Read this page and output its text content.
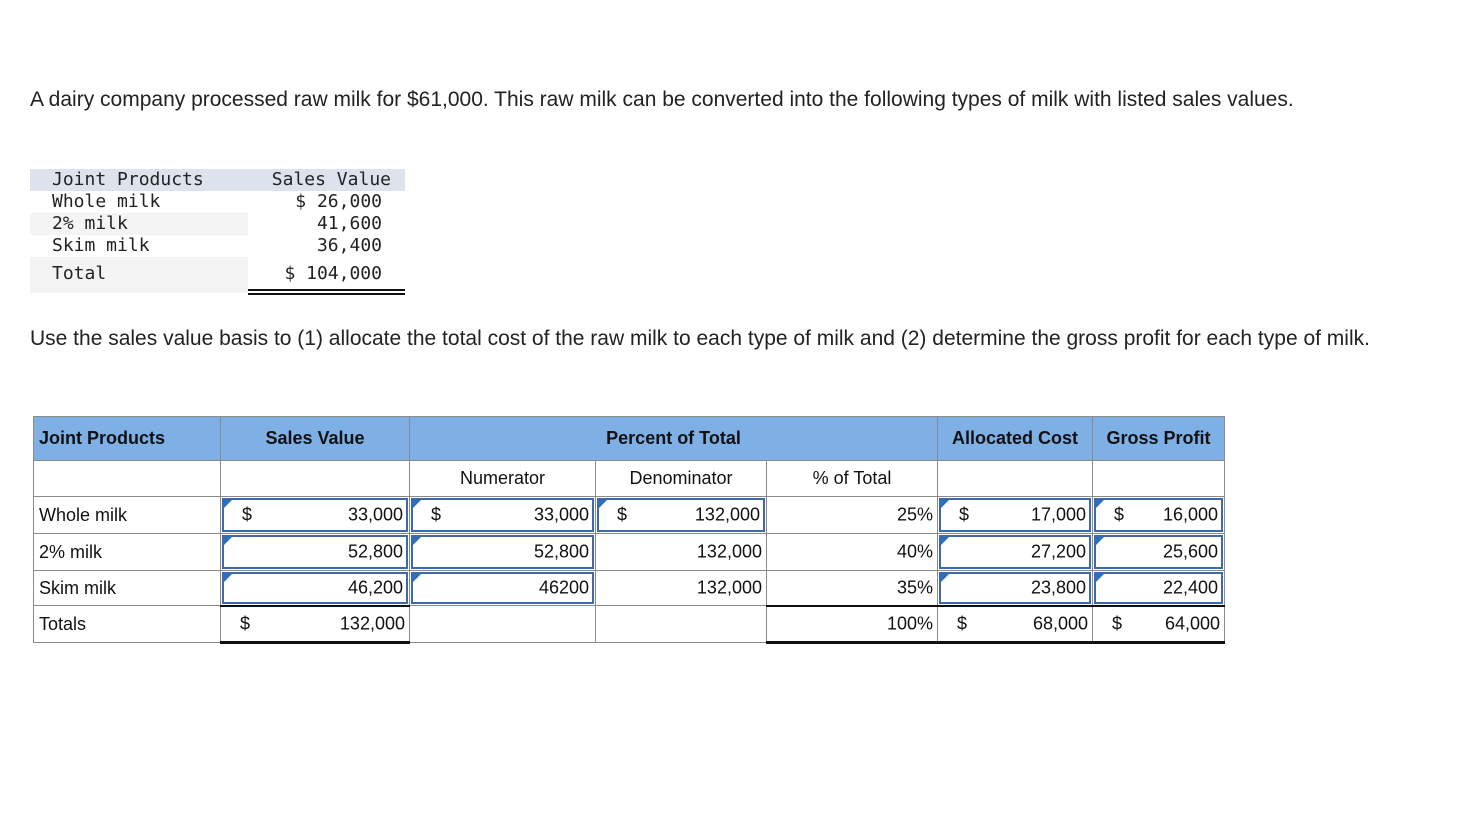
A dairy company processed raw milk for $61,000. This raw milk can be converted into the following types of milk with listed sales values.

Joint Products	Sales Value
Whole milk	$ 26,000
2% milk	41,600
Skim milk	36,400
Total	$ 104,000

Use the sales value basis to (1) allocate the total cost of the raw milk to each type of milk and (2) determine the gross profit for each type of milk.

Joint Products	Sales Value	Percent of Total			Allocated Cost	Gross Profit
		Numerator	Denominator	% of Total		
Whole milk	$ 33,000	$ 33,000	$ 132,000	25%	$ 17,000	$ 16,000

2% milk	52,800	52,800	132,000	40%	27,200	25,600

Skim milk	46,200	46200	132,000	35%	23,800	22,400

Totals	$ 132,000			100%	$ 68,000	$ 64,000
